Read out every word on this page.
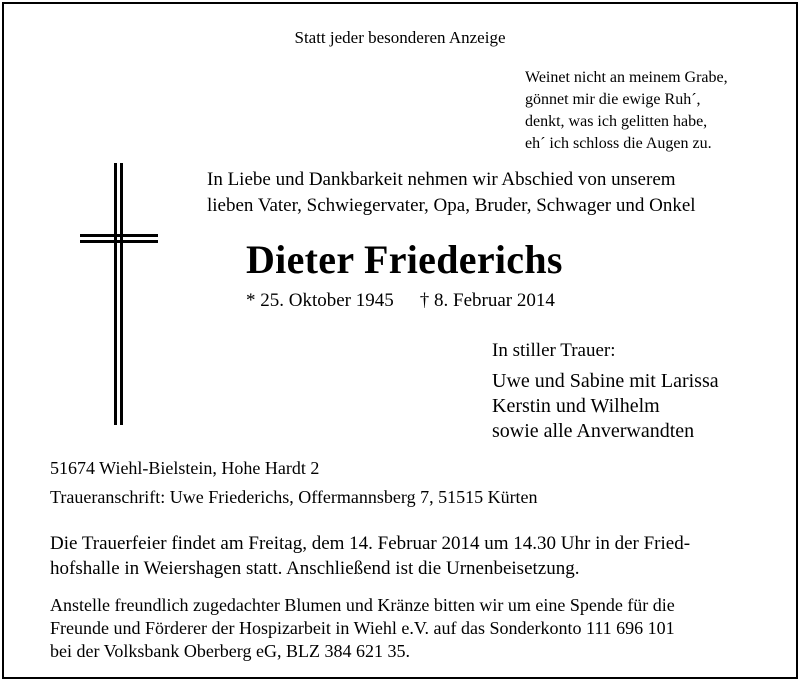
Statt jeder besonderen Anzeige
Weinet nicht an meinem Grabe,
gönnet mir die ewige Ruh´,
denkt, was ich gelitten habe,
eh´ ich schloss die Augen zu.
In Liebe und Dankbarkeit nehmen wir Abschied von unserem
lieben Vater, Schwiegervater, Opa, Bruder, Schwager und Onkel
Dieter Friederichs
* 25. Oktober 1945 † 8. Februar 2014
In stiller Trauer:
Uwe und Sabine mit Larissa
Kerstin und Wilhelm
sowie alle Anverwandten
51674 Wiehl-Bielstein, Hohe Hardt 2
Traueranschrift: Uwe Friederichs, Offermannsberg 7, 51515 Kürten
Die Trauerfeier findet am Freitag, dem 14. Februar 2014 um 14.30 Uhr in der Fried-
hofshalle in Weiershagen statt. Anschließend ist die Urnenbeisetzung.
Anstelle freundlich zugedachter Blumen und Kränze bitten wir um eine Spende für die
Freunde und Förderer der Hospizarbeit in Wiehl e.V. auf das Sonderkonto 111 696 101
bei der Volksbank Oberberg eG, BLZ 384 621 35.
